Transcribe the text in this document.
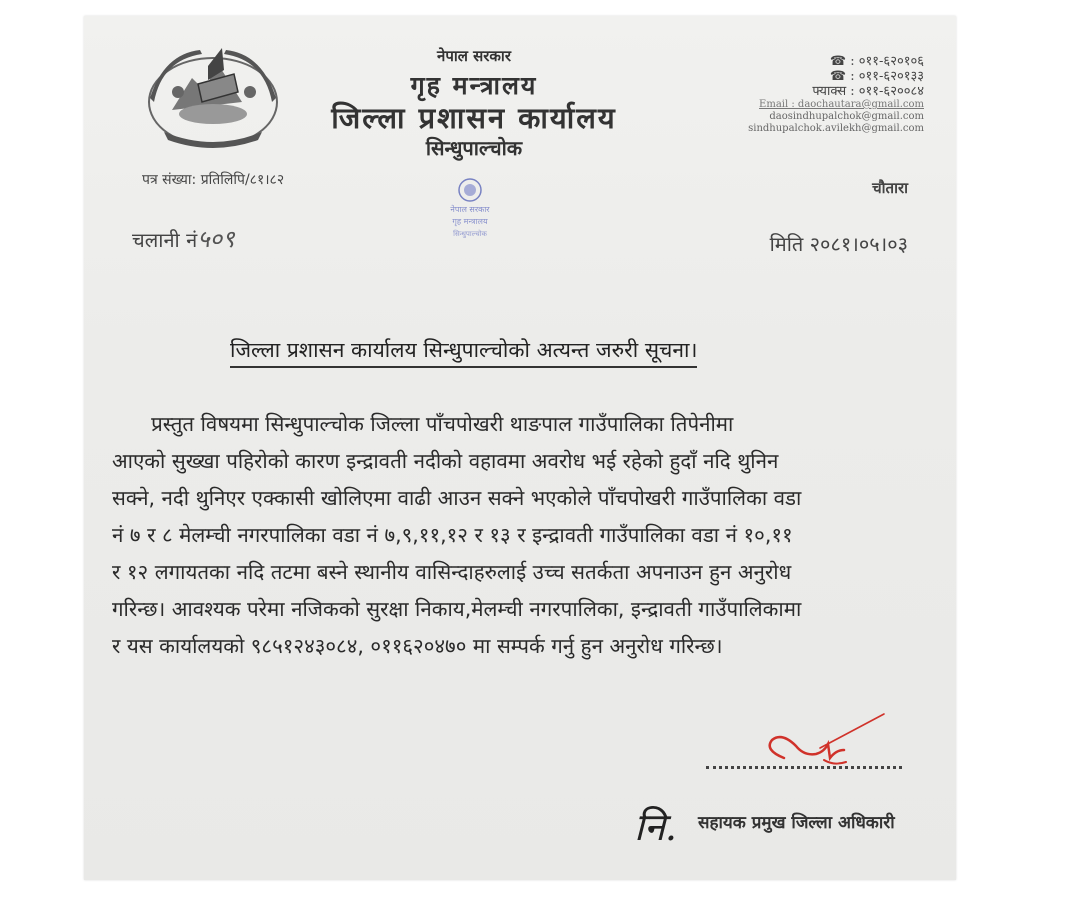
नेपाल सरकार
गृह मन्त्रालय
जिल्ला प्रशासन कार्यालय
सिन्धुपाल्चोक
☎ : ०११-६२०१०६
☎ : ०११-६२०१३३
फ्याक्स : ०११-६२००८४
Email : daochautara@gmail.com
daosindhupalchok@gmail.com
sindhupalchok.avilekh@gmail.com
पत्र संख्या: प्रतिलिपि/८१।८२	चौतारा
नेपाल सरकार
गृह मन्त्रालय
सिन्धुपाल्चोक
चलानी नं५०९	मिति २०८१।०५।०३
जिल्ला प्रशासन कार्यालय सिन्धुपाल्चोको अत्यन्त जरुरी सूचना।
प्रस्तुत विषयमा सिन्धुपाल्चोक जिल्ला पाँचपोखरी थाङपाल गाउँपालिका तिपेनीमा
आएको सुख्खा पहिरोको कारण इन्द्रावती नदीको वहावमा अवरोध भई रहेको हुदाँ नदि थुनिन
सक्ने, नदी थुनिएर एक्कासी खोलिएमा वाढी आउन सक्ने भएकोले पाँचपोखरी गाउँपालिका वडा
नं ७ र ८ मेलम्ची नगरपालिका वडा नं ७,९,११,१२ र १३ र इन्द्रावती गाउँपालिका वडा नं १०,११
र १२ लगायतका नदि तटमा बस्ने स्थानीय वासिन्दाहरुलाई उच्च सतर्कता अपनाउन हुन अनुरोध
गरिन्छ। आवश्यक परेमा नजिकको सुरक्षा निकाय,मेलम्ची नगरपालिका, इन्द्रावती गाउँपालिकामा
र यस कार्यालयको ९८५१२४३०८४, ०११६२०४७० मा सम्पर्क गर्नु हुन अनुरोध गरिन्छ।
नि. सहायक प्रमुख जिल्ला अधिकारी
